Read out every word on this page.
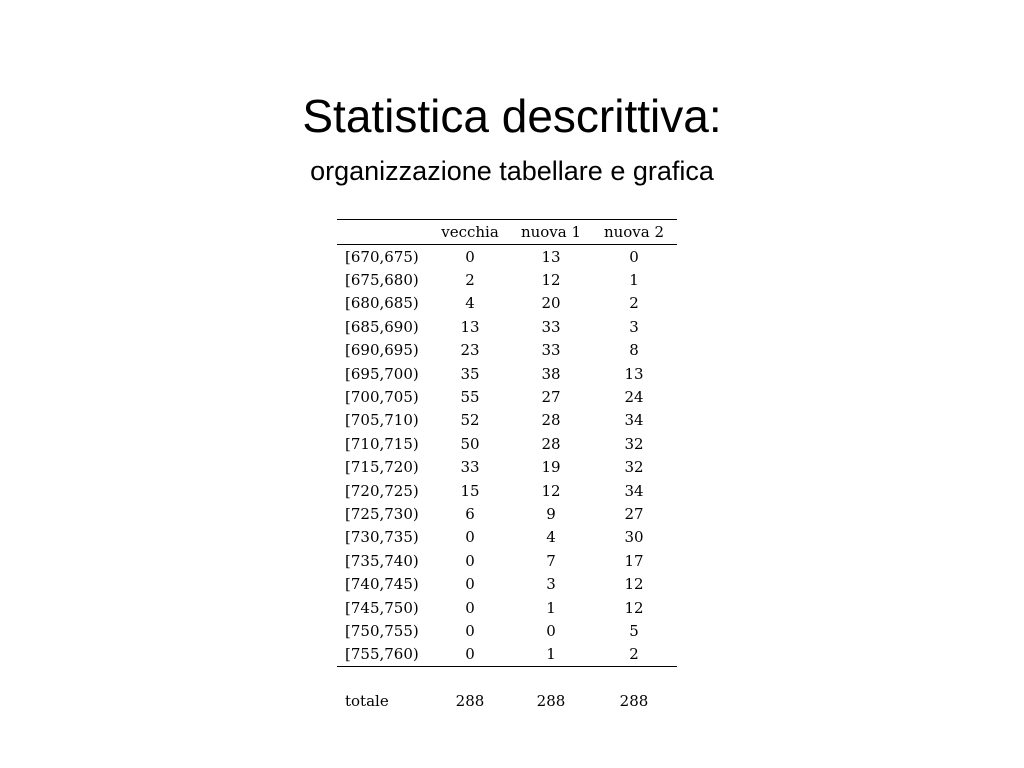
Statistica descrittiva:
organizzazione tabellare e grafica
	vecchia	nuova 1	nuova 2
[670,675)	0	13	0
[675,680)	2	12	1
[680,685)	4	20	2
[685,690)	13	33	3
[690,695)	23	33	8
[695,700)	35	38	13
[700,705)	55	27	24
[705,710)	52	28	34
[710,715)	50	28	32
[715,720)	33	19	32
[720,725)	15	12	34
[725,730)	6	9	27
[730,735)	0	4	30
[735,740)	0	7	17
[740,745)	0	3	12
[745,750)	0	1	12
[750,755)	0	0	5
[755,760)	0	1	2
totale	288	288	288
